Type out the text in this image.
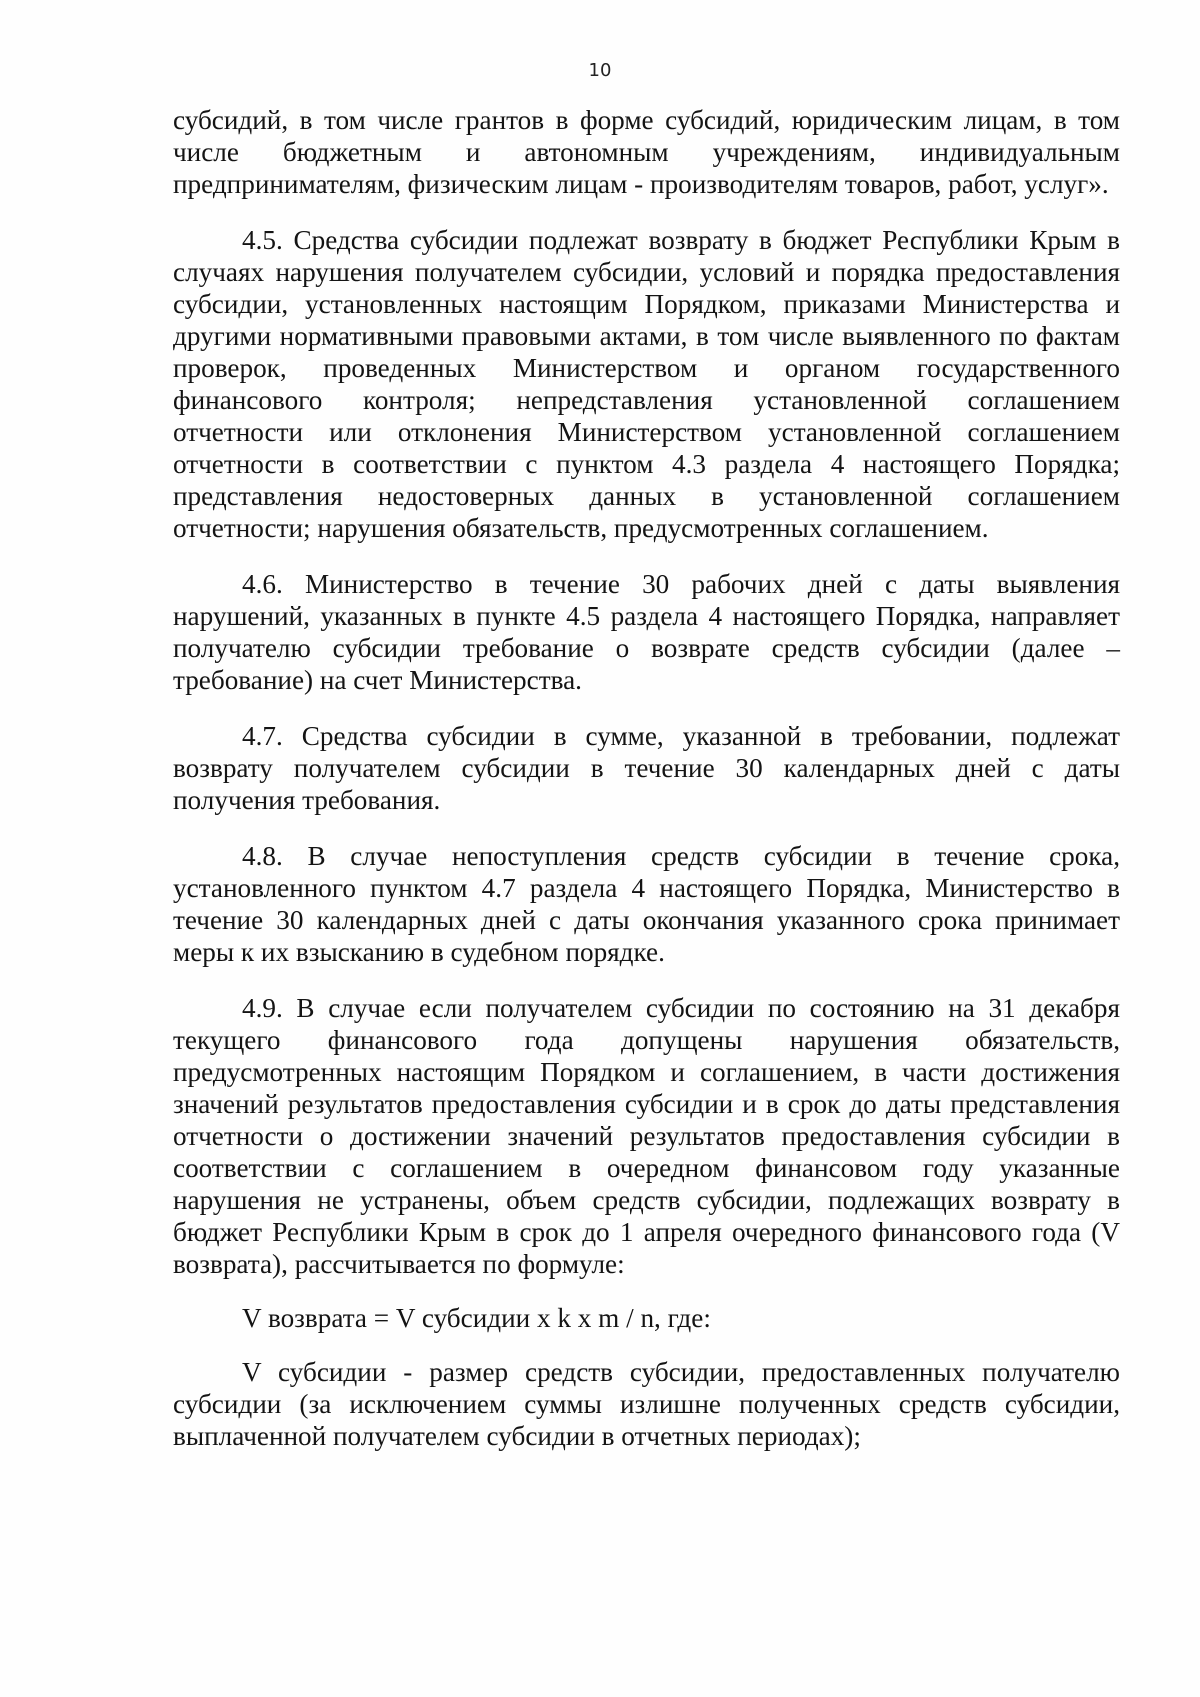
10

субсидий, в том числе грантов в форме субсидий, юридическим лицам, в том числе бюджетным и автономным учреждениям, индивидуальным предпринимателям, физическим лицам - производителям товаров, работ, услуг».

4.5. Средства субсидии подлежат возврату в бюджет Республики Крым в случаях нарушения получателем субсидии, условий и порядка предоставления субсидии, установленных настоящим Порядком, приказами Министерства и другими нормативными правовыми актами, в том числе выявленного по фактам проверок, проведенных Министерством и органом государственного финансового контроля; непредставления установленной соглашением отчетности или отклонения Министерством установленной соглашением отчетности в соответствии с пунктом 4.3 раздела 4 настоящего Порядка; представления недостоверных данных в установленной соглашением отчетности; нарушения обязательств, предусмотренных соглашением.

4.6. Министерство в течение 30 рабочих дней с даты выявления нарушений, указанных в пункте 4.5 раздела 4 настоящего Порядка, направляет получателю субсидии требование о возврате средств субсидии (далее – требование) на счет Министерства.

4.7. Средства субсидии в сумме, указанной в требовании, подлежат возврату получателем субсидии в течение 30 календарных дней с даты получения требования.

4.8. В случае непоступления средств субсидии в течение срока, установленного пунктом 4.7 раздела 4 настоящего Порядка, Министерство в течение 30 календарных дней с даты окончания указанного срока принимает меры к их взысканию в судебном порядке.

4.9. В случае если получателем субсидии по состоянию на 31 декабря текущего финансового года допущены нарушения обязательств, предусмотренных настоящим Порядком и соглашением, в части достижения значений результатов предоставления субсидии и в срок до даты представления отчетности о достижении значений результатов предоставления субсидии в соответствии с соглашением в очередном финансовом году указанные нарушения не устранены, объем средств субсидии, подлежащих возврату в бюджет Республики Крым в срок до 1 апреля очередного финансового года (V возврата), рассчитывается по формуле:

V возврата = V субсидии x k x m / n, где:

V субсидии - размер средств субсидии, предоставленных получателю субсидии (за исключением суммы излишне полученных средств субсидии, выплаченной получателем субсидии в отчетных периодах);
